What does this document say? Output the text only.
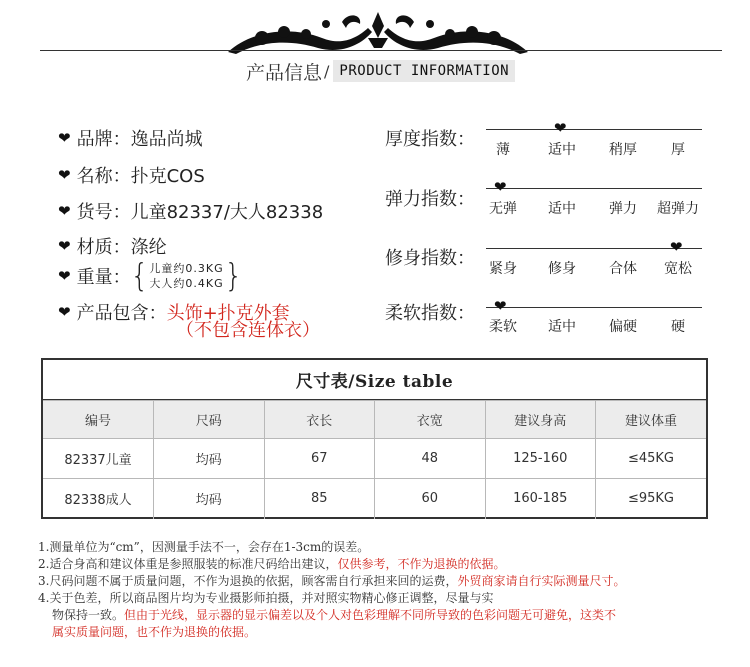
产品信息 / PRODUCT INFORMATION
❤ 品牌：逸品尚城
❤ 名称：扑克COS
❤ 货号：儿童82337/大人82338
❤ 材质：涤纶
❤ 重量： { 儿童约0.3KG
大人约0.4KG }
❤ 产品包含： 头饰+扑克外套
（不包含连体衣）
厚度指数：
❤
薄	适中	稍厚	厚
弹力指数：
❤
无弹	适中	弹力	超弹力
修身指数：
❤
紧身	修身	合体	宽松
柔软指数： ❤
柔软	适中	偏硬	硬
尺寸表/Size table
编号	尺码	衣长	衣宽	建议身高	建议体重
82337儿童	均码	67	48	125-160	≤45KG
82338成人	均码	85	60	160-185	≤95KG
1.测量单位为“cm”，因测量手法不一，会存在1-3cm的误差。
2.适合身高和建议体重是参照服装的标准尺码给出建议，仅供参考，不作为退换的依据。
3.尺码问题不属于质量问题，不作为退换的依据，顾客需自行承担来回的运费，外贸商家请自行实际测量尺寸。
4.关于色差，所以商品图片均为专业摄影师拍摄，并对照实物精心修正调整，尽量与实
物保持一致。但由于光线，显示器的显示偏差以及个人对色彩理解不同所导致的色彩问题无可避免，这类不
属实质量问题，也不作为退换的依据。
